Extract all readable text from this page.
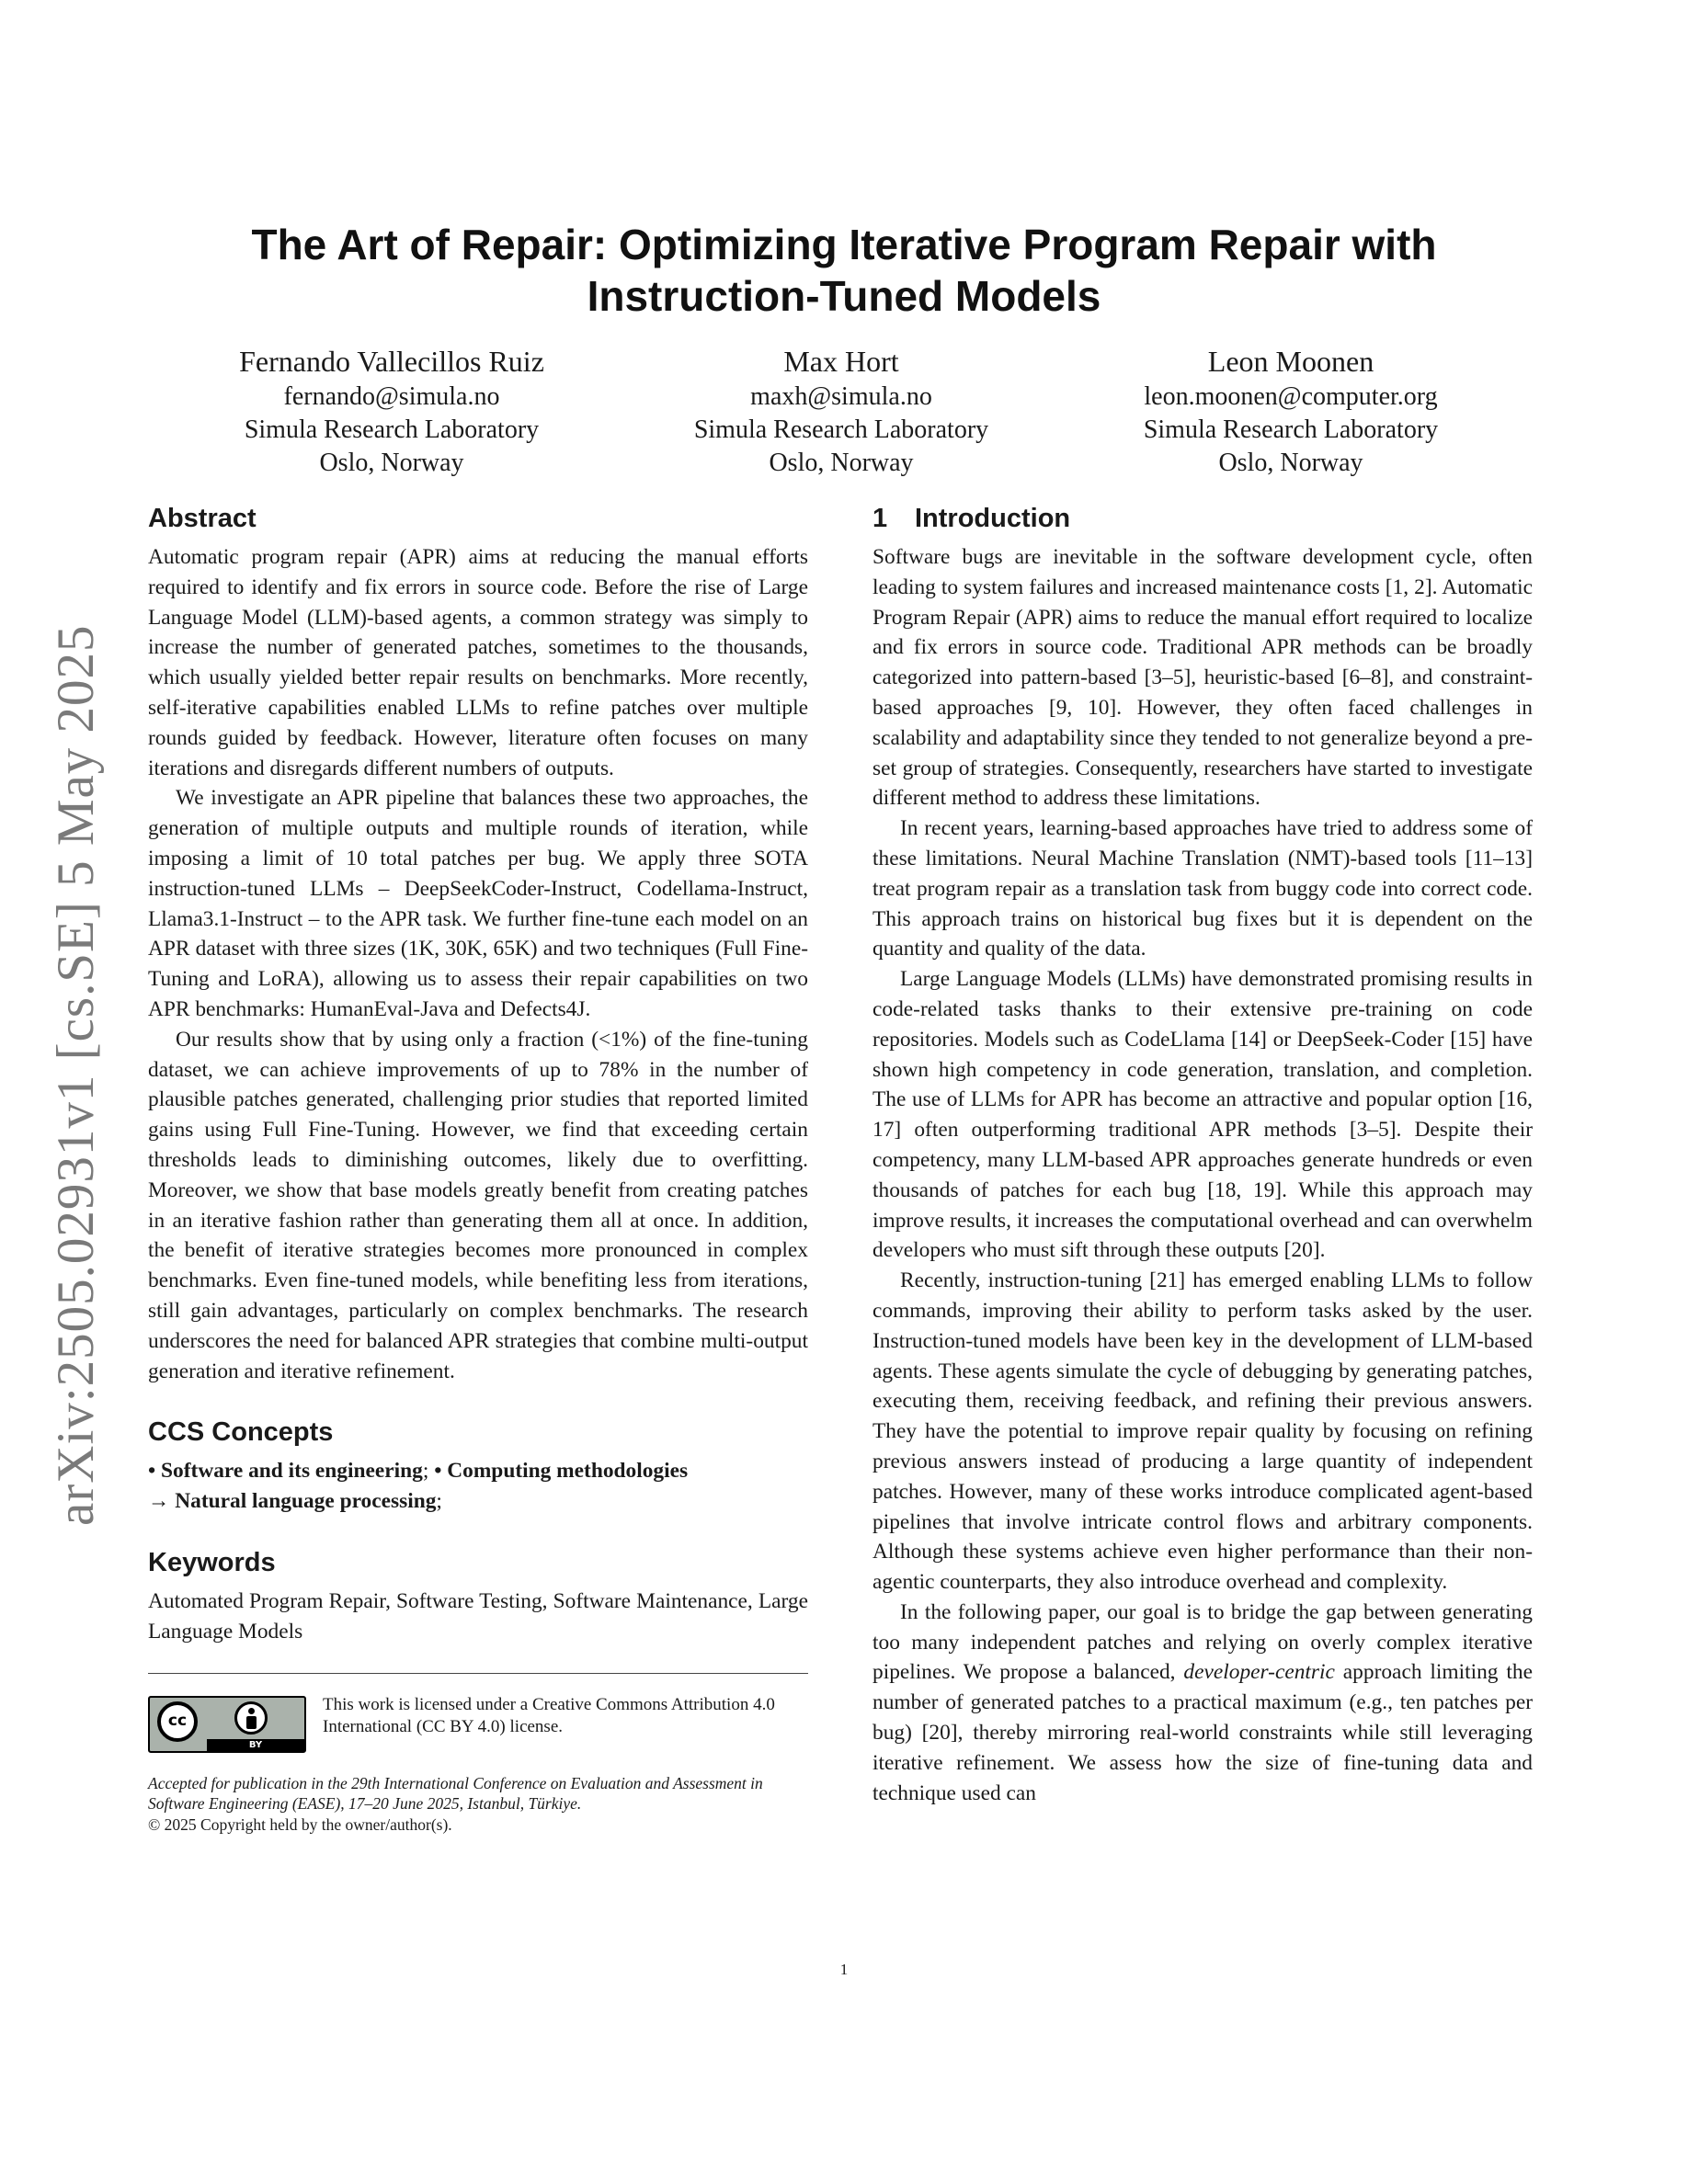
arXiv:2505.02931v1 [cs.SE] 5 May 2025
The Art of Repair: Optimizing Iterative Program Repair with Instruction-Tuned Models
Fernando Vallecillos Ruiz
fernando@simula.no
Simula Research Laboratory
Oslo, Norway
Max Hort
maxh@simula.no
Simula Research Laboratory
Oslo, Norway
Leon Moonen
leon.moonen@computer.org
Simula Research Laboratory
Oslo, Norway
Abstract

Automatic program repair (APR) aims at reducing the manual efforts required to identify and fix errors in source code. Before the rise of Large Language Model (LLM)-based agents, a common strategy was simply to increase the number of generated patches, sometimes to the thousands, which usually yielded better repair results on benchmarks. More recently, self-iterative capabilities enabled LLMs to refine patches over multiple rounds guided by feedback. However, literature often focuses on many iterations and disregards different numbers of outputs.

We investigate an APR pipeline that balances these two approaches, the generation of multiple outputs and multiple rounds of iteration, while imposing a limit of 10 total patches per bug. We apply three SOTA instruction-tuned LLMs – DeepSeekCoder-Instruct, Codellama-Instruct, Llama3.1-Instruct – to the APR task. We further fine-tune each model on an APR dataset with three sizes (1K, 30K, 65K) and two techniques (Full Fine-Tuning and LoRA), allowing us to assess their repair capabilities on two APR benchmarks: HumanEval-Java and Defects4J.

Our results show that by using only a fraction (<1%) of the fine-tuning dataset, we can achieve improvements of up to 78% in the number of plausible patches generated, challenging prior studies that reported limited gains using Full Fine-Tuning. However, we find that exceeding certain thresholds leads to diminishing outcomes, likely due to overfitting. Moreover, we show that base models greatly benefit from creating patches in an iterative fashion rather than generating them all at once. In addition, the benefit of iterative strategies becomes more pronounced in complex benchmarks. Even fine-tuned models, while benefiting less from iterations, still gain advantages, particularly on complex benchmarks. The research underscores the need for balanced APR strategies that combine multi-output generation and iterative refinement.

CCS Concepts

• Software and its engineering; • Computing methodologies
→ Natural language processing;

Keywords

Automated Program Repair, Software Testing, Software Maintenance, Large Language Models

cc
BY
This work is licensed under a Creative Commons Attribution 4.0 International (CC BY 4.0) license.
Accepted for publication in the 29th International Conference on Evaluation and Assessment in Software Engineering (EASE), 17–20 June 2025, Istanbul, Türkiye.
© 2025 Copyright held by the owner/author(s).
1 Introduction

Software bugs are inevitable in the software development cycle, often leading to system failures and increased maintenance costs [1, 2]. Automatic Program Repair (APR) aims to reduce the manual effort required to localize and fix errors in source code. Traditional APR methods can be broadly categorized into pattern-based [3–5], heuristic-based [6–8], and constraint-based approaches [9, 10]. However, they often faced challenges in scalability and adaptability since they tended to not generalize beyond a pre-set group of strategies. Consequently, researchers have started to investigate different method to address these limitations.

In recent years, learning-based approaches have tried to address some of these limitations. Neural Machine Translation (NMT)-based tools [11–13] treat program repair as a translation task from buggy code into correct code. This approach trains on historical bug fixes but it is dependent on the quantity and quality of the data.

Large Language Models (LLMs) have demonstrated promising results in code-related tasks thanks to their extensive pre-training on code repositories. Models such as CodeLlama [14] or DeepSeek-Coder [15] have shown high competency in code generation, translation, and completion. The use of LLMs for APR has become an attractive and popular option [16, 17] often outperforming traditional APR methods [3–5]. Despite their competency, many LLM-based APR approaches generate hundreds or even thousands of patches for each bug [18, 19]. While this approach may improve results, it increases the computational overhead and can overwhelm developers who must sift through these outputs [20].

Recently, instruction-tuning [21] has emerged enabling LLMs to follow commands, improving their ability to perform tasks asked by the user. Instruction-tuned models have been key in the development of LLM-based agents. These agents simulate the cycle of debugging by generating patches, executing them, receiving feedback, and refining their previous answers. They have the potential to improve repair quality by focusing on refining previous answers instead of producing a large quantity of independent patches. However, many of these works introduce complicated agent-based pipelines that involve intricate control flows and arbitrary components. Although these systems achieve even higher performance than their non-agentic counterparts, they also introduce overhead and complexity.

In the following paper, our goal is to bridge the gap between generating too many independent patches and relying on overly complex iterative pipelines. We propose a balanced, developer-centric approach limiting the number of generated patches to a practical maximum (e.g., ten patches per bug) [20], thereby mirroring real-world constraints while still leveraging iterative refinement. We assess how the size of fine-tuning data and technique used can

1
